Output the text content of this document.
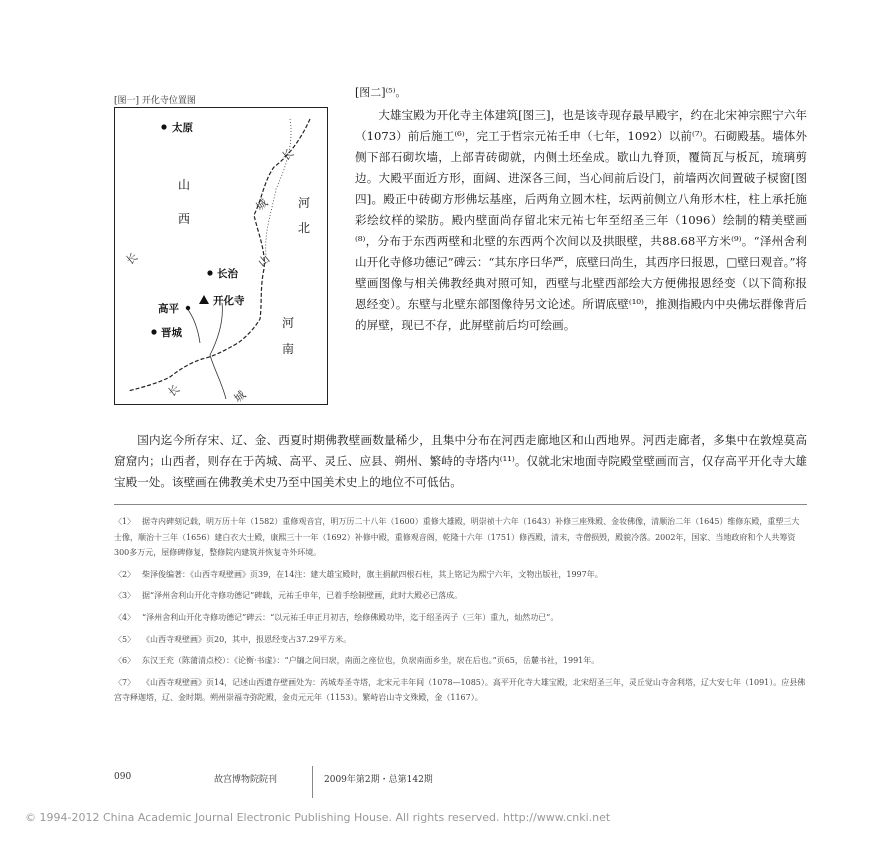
[图一] 开化寺位置图
长
长
城
山
长	城
太原
山
西
河
北
长治
开化寺
高平
晋城
河
南
[图二]⁽⁵⁾。

大雄宝殿为开化寺主体建筑[图三]，也是该寺现存最早殿宇，约在北宋神宗熙宁六年（1073）前后施工⁽⁶⁾，完工于哲宗元祐壬申（七年，1092）以前⁽⁷⁾。石砌殿基。墙体外侧下部石砌坎墙，上部青砖砌就，内侧土坯垒成。歇山九脊顶，覆筒瓦与板瓦，琉璃剪边。大殿平面近方形，面阔、进深各三间，当心间前后设门，前墙两次间置破子棂窗[图四]。殿正中砖砌方形佛坛基座，后两角立圆木柱，坛两前侧立八角形木柱，柱上承托施彩绘纹样的梁肪。殿内壁面尚存留北宋元祐七年至绍圣三年（1096）绘制的精美壁画⁽⁸⁾，分布于东西两壁和北壁的东西两个次间以及拱眼壁，共88.68平方米⁽⁹⁾。“泽州舍利山开化寺修功德记”碑云：“其东序曰华严，底壁曰尚生，其西序曰报恩，□壁曰观音。”将壁画图像与相关佛教经典对照可知，西壁与北壁西部绘大方便佛报恩经变（以下简称报恩经变）。东壁与北壁东部图像待另文论述。所谓底壁⁽¹⁰⁾，推测指殿内中央佛坛群像背后的屏壁，现已不存，此屏壁前后均可绘画。

国内迄今所存宋、辽、金、西夏时期佛教壁画数量稀少，且集中分布在河西走廊地区和山西地界。河西走廊者，多集中在敦煌莫高窟窟内；山西者，则存在于芮城、高平、灵丘、应县、朔州、繁峙的寺塔内⁽¹¹⁾。仅就北宋地面寺院殿堂壁画而言，仅存高平开化寺大雄宝殿一处。该壁画在佛教美术史乃至中国美术史上的地位不可低估。

〈1〉 据寺内碑刻记载，明万历十年（1582）重修观音宫，明万历二十八年（1600）重修大雄殿，明崇祯十六年（1643）补修三座殊殿、金妆佛像，清顺治二年（1645）维修东殿，重塑三大士像，顺治十三年（1656）建白衣大士殿，康熙三十一年（1692）补修中殿，重修观音阁，乾隆十六年（1751）修西殿，清末，寺僧损毁，殿貌冷落。2002年，国家、当地政府和个人共筹资300多万元，屋修碑修复，整修院内建筑并恢复寺外环境。

〈2〉 柴泽俊编著：《山西寺观壁画》页39，在14注：建大雄宝殿时，旗主捐献四根石柱，其上铭记为熙宁六年，文物出版社，1997年。

〈3〉 据“泽州舍利山开化寺修功德记”碑载，元祐壬申年，已着手绘制壁画，此时大殿必已落成。

〈4〉 “泽州舍利山开化寺修功德记”碑云：“以元祐壬申正月初吉，绘修佛殿功毕，迄于绍圣丙子（三年）重九，灿然功已”。

〈5〉 《山西寺观壁画》页20，其中，报恩经变占37.29平方米。

〈6〉 东汉王充（陈蒲清点校）：《论衡·书虚》：“户牖之间曰扆，南面之座位也，负扆南面乡坐，扆在后也。”页65，岳麓书社，1991年。

〈7〉 《山西寺观壁画》页14，记述山西遗存壁画处为：芮城寿圣寺塔，北宋元丰年间（1078—1085）。高平开化寺大雄宝殿，北宋绍圣三年，灵丘觉山寺舍利塔，辽大安七年（1091）。应县佛宫寺释迦塔，辽、金时期。朔州崇福寺弥陀殿，金贞元元年（1153）。繁峙岩山寺文殊殿，金（1167）。

090	故宫博物院院刊	2009年第2期・总第142期
© 1994-2012 China Academic Journal Electronic Publishing House. All rights reserved. http://www.cnki.net
